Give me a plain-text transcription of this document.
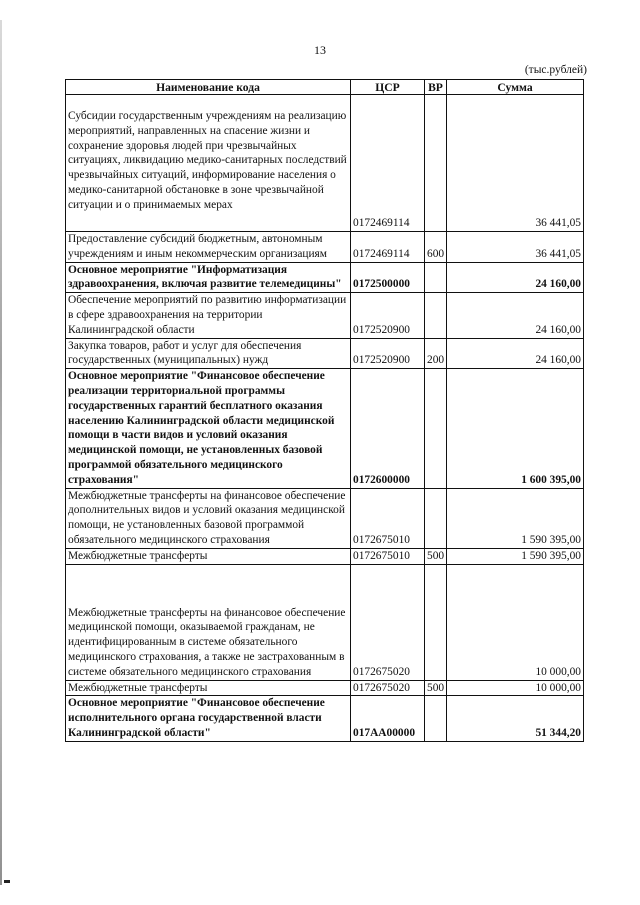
13
(тыс.рублей)
Наименование кода	ЦСР	ВР	Сумма
Субсидии государственным учреждениям на реализацию мероприятий, направленных на спасение жизни и сохранение здоровья людей при чрезвычайных ситуациях, ликвидацию медико-санитарных последствий чрезвычайных ситуаций, информирование населения о медико-санитарной обстановке в зоне чрезвычайной ситуации и о принимаемых мерах	0172469114		36 441,05
Предоставление субсидий бюджетным, автономным учреждениям и иным некоммерческим организациям	0172469114	600	36 441,05
Основное мероприятие "Информатизация здравоохранения, включая развитие телемедицины"	0172500000		24 160,00
Обеспечение мероприятий по развитию информатизации в сфере здравоохранения на территории Калининградской области	0172520900		24 160,00
Закупка товаров, работ и услуг для обеспечения государственных (муниципальных) нужд	0172520900	200	24 160,00
Основное мероприятие "Финансовое обеспечение реализации территориальной программы государственных гарантий бесплатного оказания населению Калининградской области медицинской помощи в части видов и условий оказания медицинской помощи, не установленных базовой программой обязательного медицинского страхования"	0172600000		1 600 395,00
Межбюджетные трансферты на финансовое обеспечение дополнительных видов и условий оказания медицинской помощи, не установленных базовой программой обязательного медицинского страхования	0172675010		1 590 395,00
Межбюджетные трансферты	0172675010	500	1 590 395,00
Межбюджетные трансферты на финансовое обеспечение медицинской помощи, оказываемой гражданам, не идентифицированным в системе обязательного медицинского страхования, а также не застрахованным в системе обязательного медицинского страхования	0172675020		10 000,00
Межбюджетные трансферты	0172675020	500	10 000,00
Основное мероприятие "Финансовое обеспечение исполнительного органа государственной власти Калининградской области"	017АА00000		51 344,20
